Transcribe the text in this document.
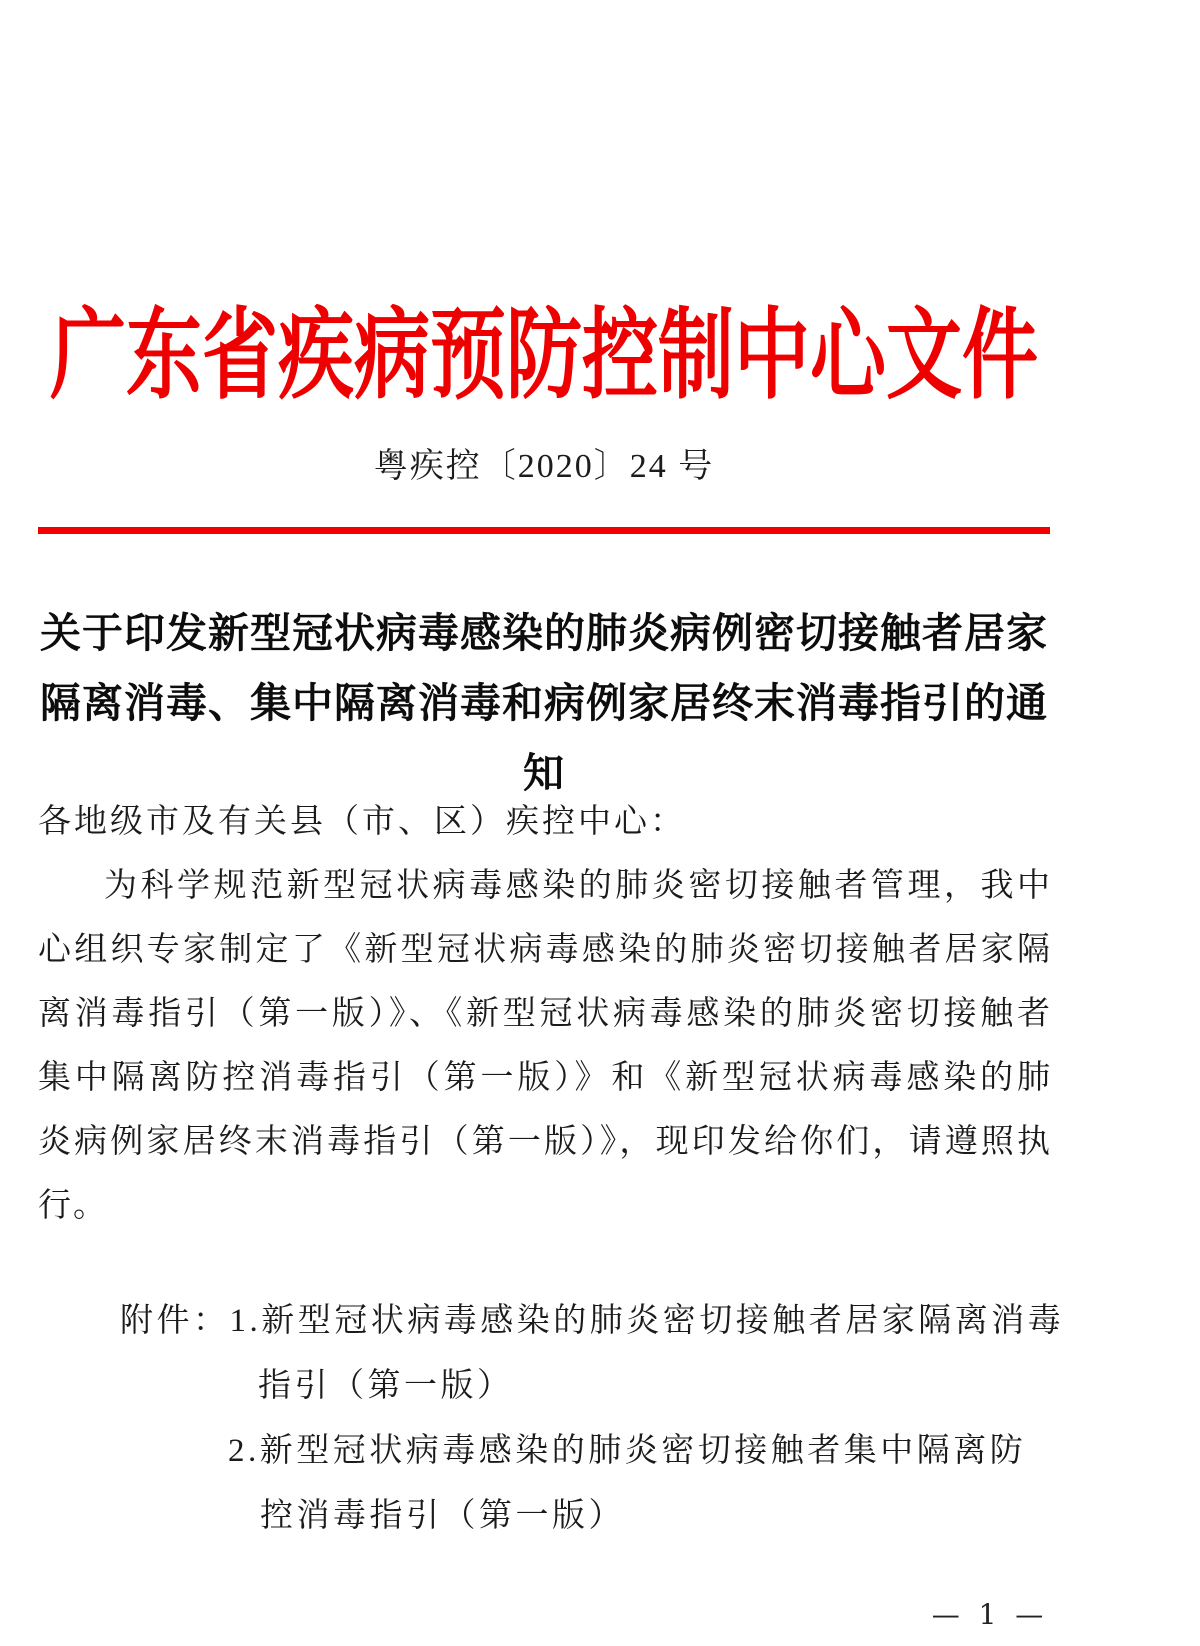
广东省疾病预防控制中心文件
粤疾控〔2020〕24 号
关于印发新型冠状病毒感染的肺炎病例密切接触者居家
隔离消毒、集中隔离消毒和病例家居终末消毒指引的通知
各地级市及有关县（市、区）疾控中心：
为科学规范新型冠状病毒感染的肺炎密切接触者管理，我中
心组织专家制定了《新型冠状病毒感染的肺炎密切接触者居家隔
离消毒指引（第一版）》、《新型冠状病毒感染的肺炎密切接触者
集中隔离防控消毒指引（第一版）》和《新型冠状病毒感染的肺
炎病例家居终末消毒指引（第一版）》，现印发给你们，请遵照执
行。
附件：1.新型冠状病毒感染的肺炎密切接触者居家隔离消毒
指引（第一版）
2.新型冠状病毒感染的肺炎密切接触者集中隔离防
控消毒指引（第一版）
— 1 —
